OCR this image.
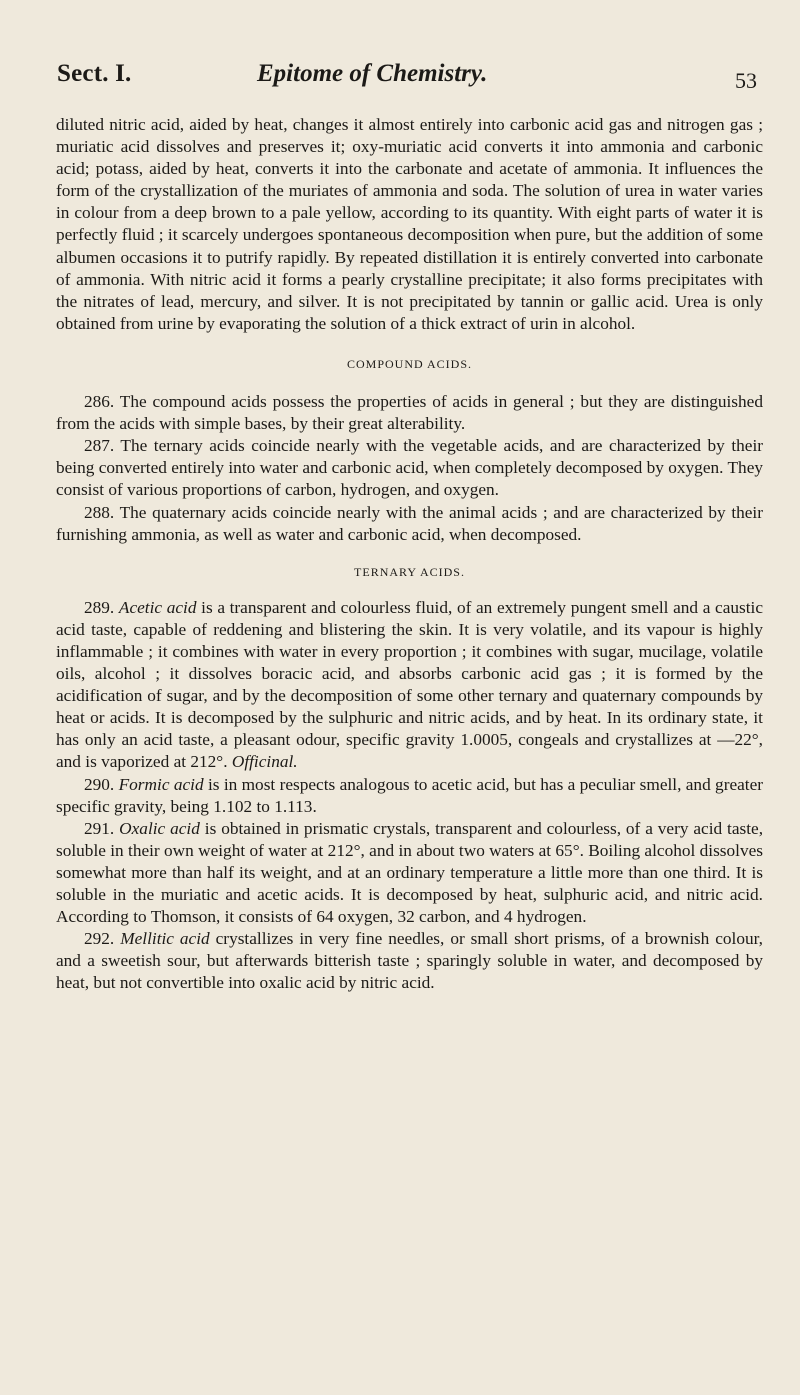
Sect. I.	Epitome of Chemistry.	53

diluted nitric acid, aided by heat, changes it almost entirely into carbonic acid gas and nitrogen gas ; muriatic acid dissolves and preserves it; oxy-muriatic acid converts it into ammonia and carbonic acid; potass, aided by heat, converts it into the carbonate and acetate of ammonia. It influences the form of the crystallization of the muriates of ammonia and soda. The solution of urea in water varies in colour from a deep brown to a pale yellow, according to its quantity. With eight parts of water it is perfectly fluid ; it scarcely undergoes spontaneous decomposition when pure, but the addition of some albumen occasions it to putrify rapidly. By repeated distillation it is entirely converted into carbonate of ammonia. With nitric acid it forms a pearly crystalline precipitate; it also forms precipitates with the nitrates of lead, mercury, and silver. It is not precipitated by tannin or gallic acid. Urea is only obtained from urine by evaporating the solution of a thick extract of urin in alcohol.

COMPOUND ACIDS.

286. The compound acids possess the properties of acids in general ; but they are distinguished from the acids with simple bases, by their great alterability.

287. The ternary acids coincide nearly with the vegetable acids, and are characterized by their being converted entirely into water and carbonic acid, when completely decomposed by oxygen. They consist of various proportions of carbon, hydrogen, and oxygen.

288. The quaternary acids coincide nearly with the animal acids ; and are characterized by their furnishing ammonia, as well as water and carbonic acid, when decomposed.

TERNARY ACIDS.

289. Acetic acid is a transparent and colourless fluid, of an extremely pungent smell and a caustic acid taste, capable of reddening and blistering the skin. It is very volatile, and its vapour is highly inflammable ; it combines with water in every proportion ; it combines with sugar, mucilage, volatile oils, alcohol ; it dissolves boracic acid, and absorbs carbonic acid gas ; it is formed by the acidification of sugar, and by the decomposition of some other ternary and quaternary compounds by heat or acids. It is decomposed by the sulphuric and nitric acids, and by heat. In its ordinary state, it has only an acid taste, a pleasant odour, specific gravity 1.0005, congeals and crystallizes at —22°, and is vaporized at 212°. Officinal.

290. Formic acid is in most respects analogous to acetic acid, but has a peculiar smell, and greater specific gravity, being 1.102 to 1.113.

291. Oxalic acid is obtained in prismatic crystals, transparent and colourless, of a very acid taste, soluble in their own weight of water at 212°, and in about two waters at 65°. Boiling alcohol dissolves somewhat more than half its weight, and at an ordinary temperature a little more than one third. It is soluble in the muriatic and acetic acids. It is decomposed by heat, sulphuric acid, and nitric acid. According to Thomson, it consists of 64 oxygen, 32 carbon, and 4 hydrogen.

292. Mellitic acid crystallizes in very fine needles, or small short prisms, of a brownish colour, and a sweetish sour, but afterwards bitterish taste ; sparingly soluble in water, and decomposed by heat, but not convertible into oxalic acid by nitric acid.
